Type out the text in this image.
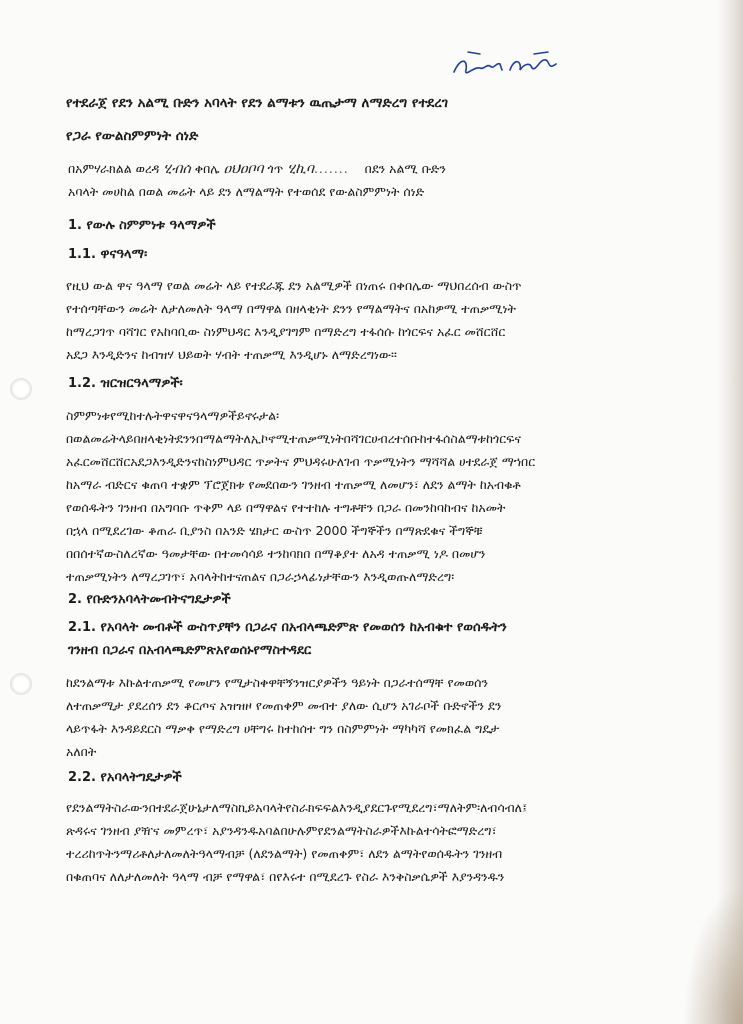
የተደራጀ የደን አልሚ ቡድን አባላት የደን ልማቱን ዉጤታማ ለማድረግ የተደረገ
የጋራ የውልስምምነት ሰነድ
በአምሃራክልል ወረዳ ሂብሰ ቀበሌ ዐህዐቦባ ጎጥ ሂኪባ....... በደን አልሚ ቡድን
አባላት መሀከል በወል መሬት ላይ ደን ለማልማት የተወሰደ የውልስምምነት ሰነድ
1. የውሉ ስምምነቱ ዓላማዎች
1.1. ዋናዓላማ፡
የዚህ ውል ዋና ዓላማ የወል መሬት ላይ የተደራጁ ደን አልሚዎች በነጠሩ በቀበሌው ማህበረሰብ ውስጥ
የተሰጣቸውን መሬት ለታለመለት ዓላማ በማዋል በዘላቂነት ደንን የማልማትና በአከዎሚ ተጠቃሚነት
ከማረጋገጥ ባሻገር የአከባቢው ስነምህዳር እንዲያገግም በማድረግ ተፋሰሱ ከጎርፍና አፈር መሸርሸር
አደጋ እንዲድንና ከብዝሃ ህይወት ሃብት ተጠቃሚ እንዲሆኑ ለማድረግነው፡፡
1.2. ዝርዝርዓላማዎች፡
ስምምነቱየሚከተሉትዋናዋናዓላማዎችይኖሩታል፡
በወልመሬትላይበዘላቂነትደንንበማልማትለኢኮኖሚተጠቃሚነትበሻገርሀብረተሰቡከተፋሰስልማቱከጎርፍና
አፈርመሸርሸርአደጋእንዲድንናከስነምህዳር ጥቃትና ምህዳሩሁለገብ ጥቃሚነትን ማሻሻል ሀተደራጀ ማኀበር
ከአማራ ብድርና ቁጠባ ተቋም ፕሮጀክቱ የመደበውን ገንዘብ ተጠቃሚ ለመሆን፣ ለደን ልማት ከአብቁቶ
የወሰዱትን ገንዘብ በአግባቡ ጥቅም ላይ በማዋልና የተተከሉ ተግቶቸን በጋራ በመንከባከብና ከአመት
በኋላ በሚደረገው ቆጠራ ቢያንስ በአንድ ሄክታር ውስጥ 2000 ችግኞችን በማጽደቁና ችግኞቹ
በበሰተኛውስለረኛው ዓመታቸው በተመሳሳይ ተንከባክበ በማቆያተ ለአዳ ተጠቃሚ ነዶ በመሆን
ተጠቃሚነትን ለማረጋገጥ፣ አባላትከተናጠልና በጋራኃላፊነታቸውን እንዲወጡለማድረግ፡
2. የቡድንአባላትመብትናግዴታዎች
2.1. የአባላት መብቶች ውስጥያቸን በጋራና በአብላጫድምጽ የመወሰን ከአብቁተ የወሰዱትን
ገንዘብ በጋራና በአብላጫድምጽአየወሰኑየማስተዳደር
ከደንልማቱ እኩልተጠቃሚ የመሆን የሚታስቀዋቸኝንዝርያዎችን ዓይነት በጋራተሰማቸ የመወሰን
ለተጠቃሚታ ያደረሰን ደን ቆርጦና አዝዝዞ የመጠቀም መብተ ያለው ሲሆን አገራቦች ቡድኖችን ደን
ላይጥፋት እንዳይደርስ ማቃቀ የማድረግ ሀቸግሩ ከተከሰተ ግን በስምምነት ማካካሻ የመክፈል ግዴታ
አለበት
2.2. የአባላትግዴታዎች
የደንልማትስራውንበተደራጀሁኔታለማስኪይአባላትየስራክፍፍልእንዲያደርጉየሚደረግ፣ማለትም፡ለብሳብለ፤
ጽዳሩና ገንዘብ ያዥና መምረጥ፣ አያንዳንዱአባልበሁሉምየደንልማትስራዎችእኩልተሳትፎማድረግ፣
ተረሪከጥትንማሪቶለታለመለትዓላማብቻ (ለደንልማት) የመጠቀም፣ ለደን ልማትየወሰዱትን ገንዘብ
በቁጠባና ለለታለመለት ዓላማ ብቻ የማዋል፣ በየእሩተ በሚደረጉ የስራ እንቅስቃሴዎች እያንዳንዱን
